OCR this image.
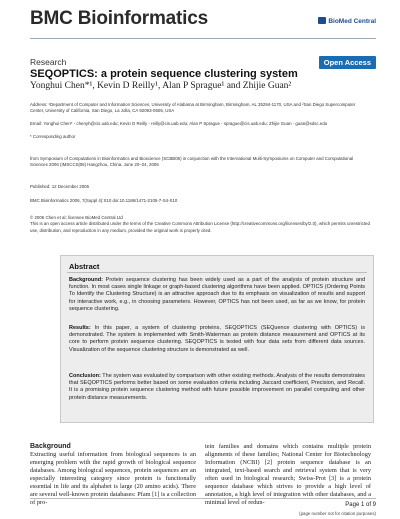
BMC Bioinformatics	BioMed Central
Research	Open Access
SEQOPTICS: a protein sequence clustering system
Yonghui Chen*¹, Kevin D Reilly¹, Alan P Sprague¹ and Zhijie Guan²
Address: ¹Department of Computer and Information Sciences, University of Alabama at Birmingham, Birmingham, AL 35294-1170, USA and ²San Diego Supercomputer Center, University of California, San Diego, La Jolla, CA 92093-0505, USA
Email: Yonghui Chen* - chenyh@cis.uab.edu; Kevin D Reilly - reilly@cis.uab.edu; Alan P Sprague - sprague@cis.uab.edu; Zhijie Guan - guan@sdsc.edu
* Corresponding author
from Symposium of Computations in Bioinformatics and Bioscience (SCBB06) in conjunction with the International Multi-Symposiums on Computer and Computational Sciences 2006 (IMSCCS|06) Hangzhou, China. June 20–24, 2006
Published: 12 December 2006
BMC Bioinformatics 2006, 7(Suppl 4):S10 doi:10.1186/1471-2105-7-S4-S10
© 2006 Chen et al; licensee BioMed Central Ltd
This is an open access article distributed under the terms of the Creative Commons Attribution License (http://creativecommons.org/licenses/by/2.0), which permits unrestricted use, distribution, and reproduction in any medium, provided the original work is properly cited.
Abstract
Background: Protein sequence clustering has been widely used as a part of the analysis of protein structure and function. In most cases single linkage or graph-based clustering algorithms have been applied. OPTICS (Ordering Points To Identify the Clustering Structure) is an attractive approach due to its emphasis on visualization of results and support for interactive work, e.g., in choosing parameters. However, OPTICS has not been used, as far as we know, for protein sequence clustering.
Results: In this paper, a system of clustering proteins, SEQOPTICS (SEQuence clustering with OPTICS) is demonstrated. The system is implemented with Smith-Waterman as protein distance measurement and OPTICS at its core to perform protein sequence clustering. SEQOPTICS is tested with four data sets from different data sources. Visualization of the sequence clustering structure is demonstrated as well.
Conclusion: The system was evaluated by comparison with other existing methods. Analysis of the results demonstrates that SEQOPTICS performs better based on some evaluation criteria including Jaccard coefficient, Precision, and Recall. It is a promising protein sequence clustering method with future possible improvement on parallel computing and other protein distance measurements.
Background
Extracting useful information from biological sequences is an emerging problem with the rapid growth of biological sequence databases. Among biological sequences, protein sequences are an especially interesting category since protein is functionally essential in life and its alphabet is large (20 amino acids). There are several well-known protein databases: Pfam [1] is a collection of pro-
tein families and domains which contains multiple protein alignments of these families; National Center for Biotechnology Information (NCBI) [2] protein sequence database is an integrated, text-based search and retrieval system that is very often used in biological research; Swiss-Prot [3] is a protein sequence database which strives to provide a high level of annotation, a high level of integration with other databases, and a minimal level of redun-	Page 1 of 9
(page number not for citation purposes)
